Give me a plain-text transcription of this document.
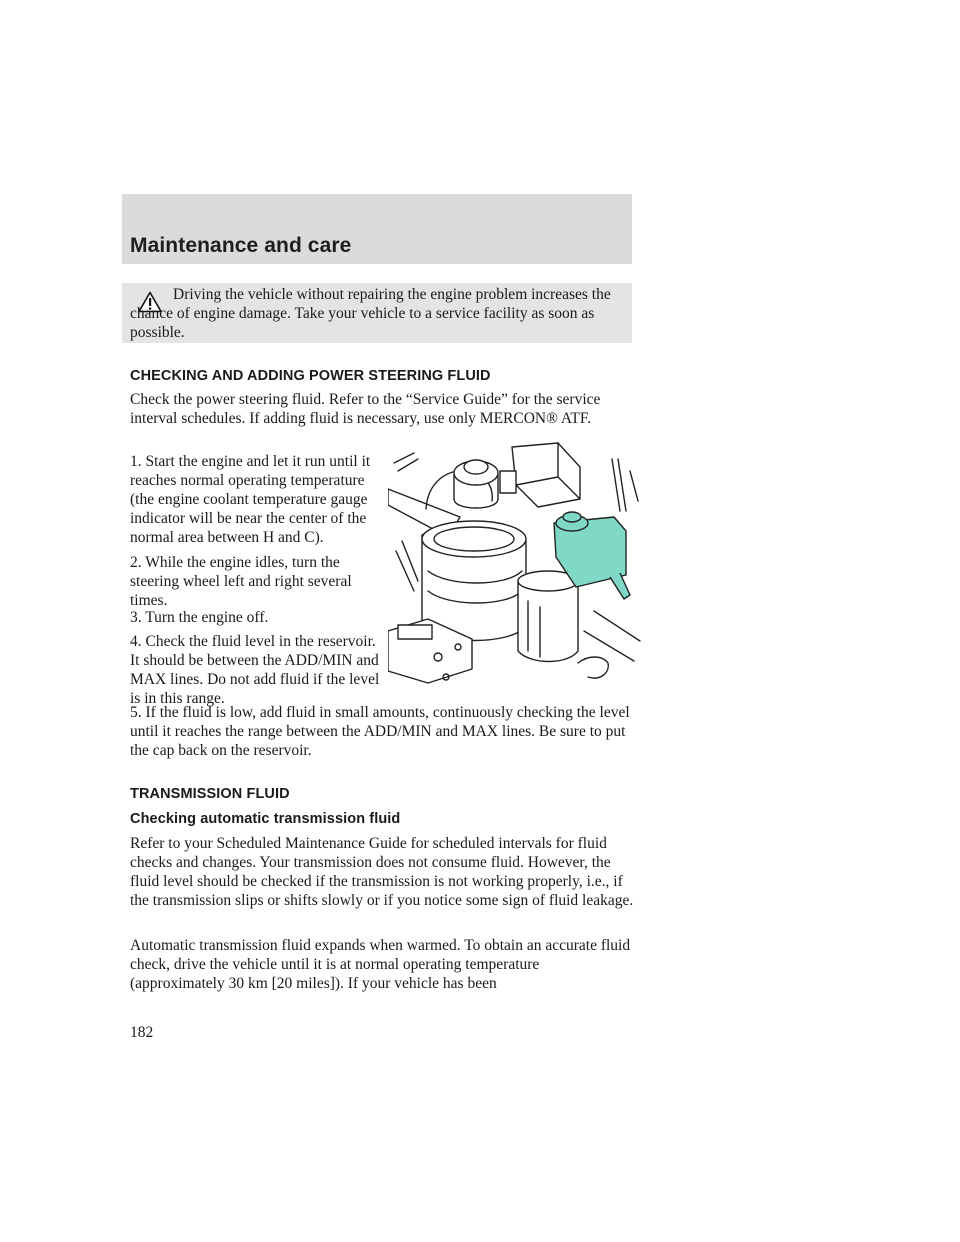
Maintenance and care

Driving the vehicle without repairing the engine problem increases the chance of engine damage. Take your vehicle to a service facility as soon as possible.

CHECKING AND ADDING POWER STEERING FLUID

Check the power steering fluid. Refer to the “Service Guide” for the service interval schedules. If adding fluid is necessary, use only MERCON® ATF.

1. Start the engine and let it run until it reaches normal operating temperature (the engine coolant temperature gauge indicator will be near the center of the normal area between H and C).

2. While the engine idles, turn the steering wheel left and right several times.

3. Turn the engine off.

4. Check the fluid level in the reservoir. It should be between the ADD/MIN and MAX lines. Do not add fluid if the level is in this range.

5. If the fluid is low, add fluid in small amounts, continuously checking the level until it reaches the range between the ADD/MIN and MAX lines. Be sure to put the cap back on the reservoir.

TRANSMISSION FLUID

Checking automatic transmission fluid

Refer to your Scheduled Maintenance Guide for scheduled intervals for fluid checks and changes. Your transmission does not consume fluid. However, the fluid level should be checked if the transmission is not working properly, i.e., if the transmission slips or shifts slowly or if you notice some sign of fluid leakage.

Automatic transmission fluid expands when warmed. To obtain an accurate fluid check, drive the vehicle until it is at normal operating temperature (approximately 30 km [20 miles]). If your vehicle has been

182
